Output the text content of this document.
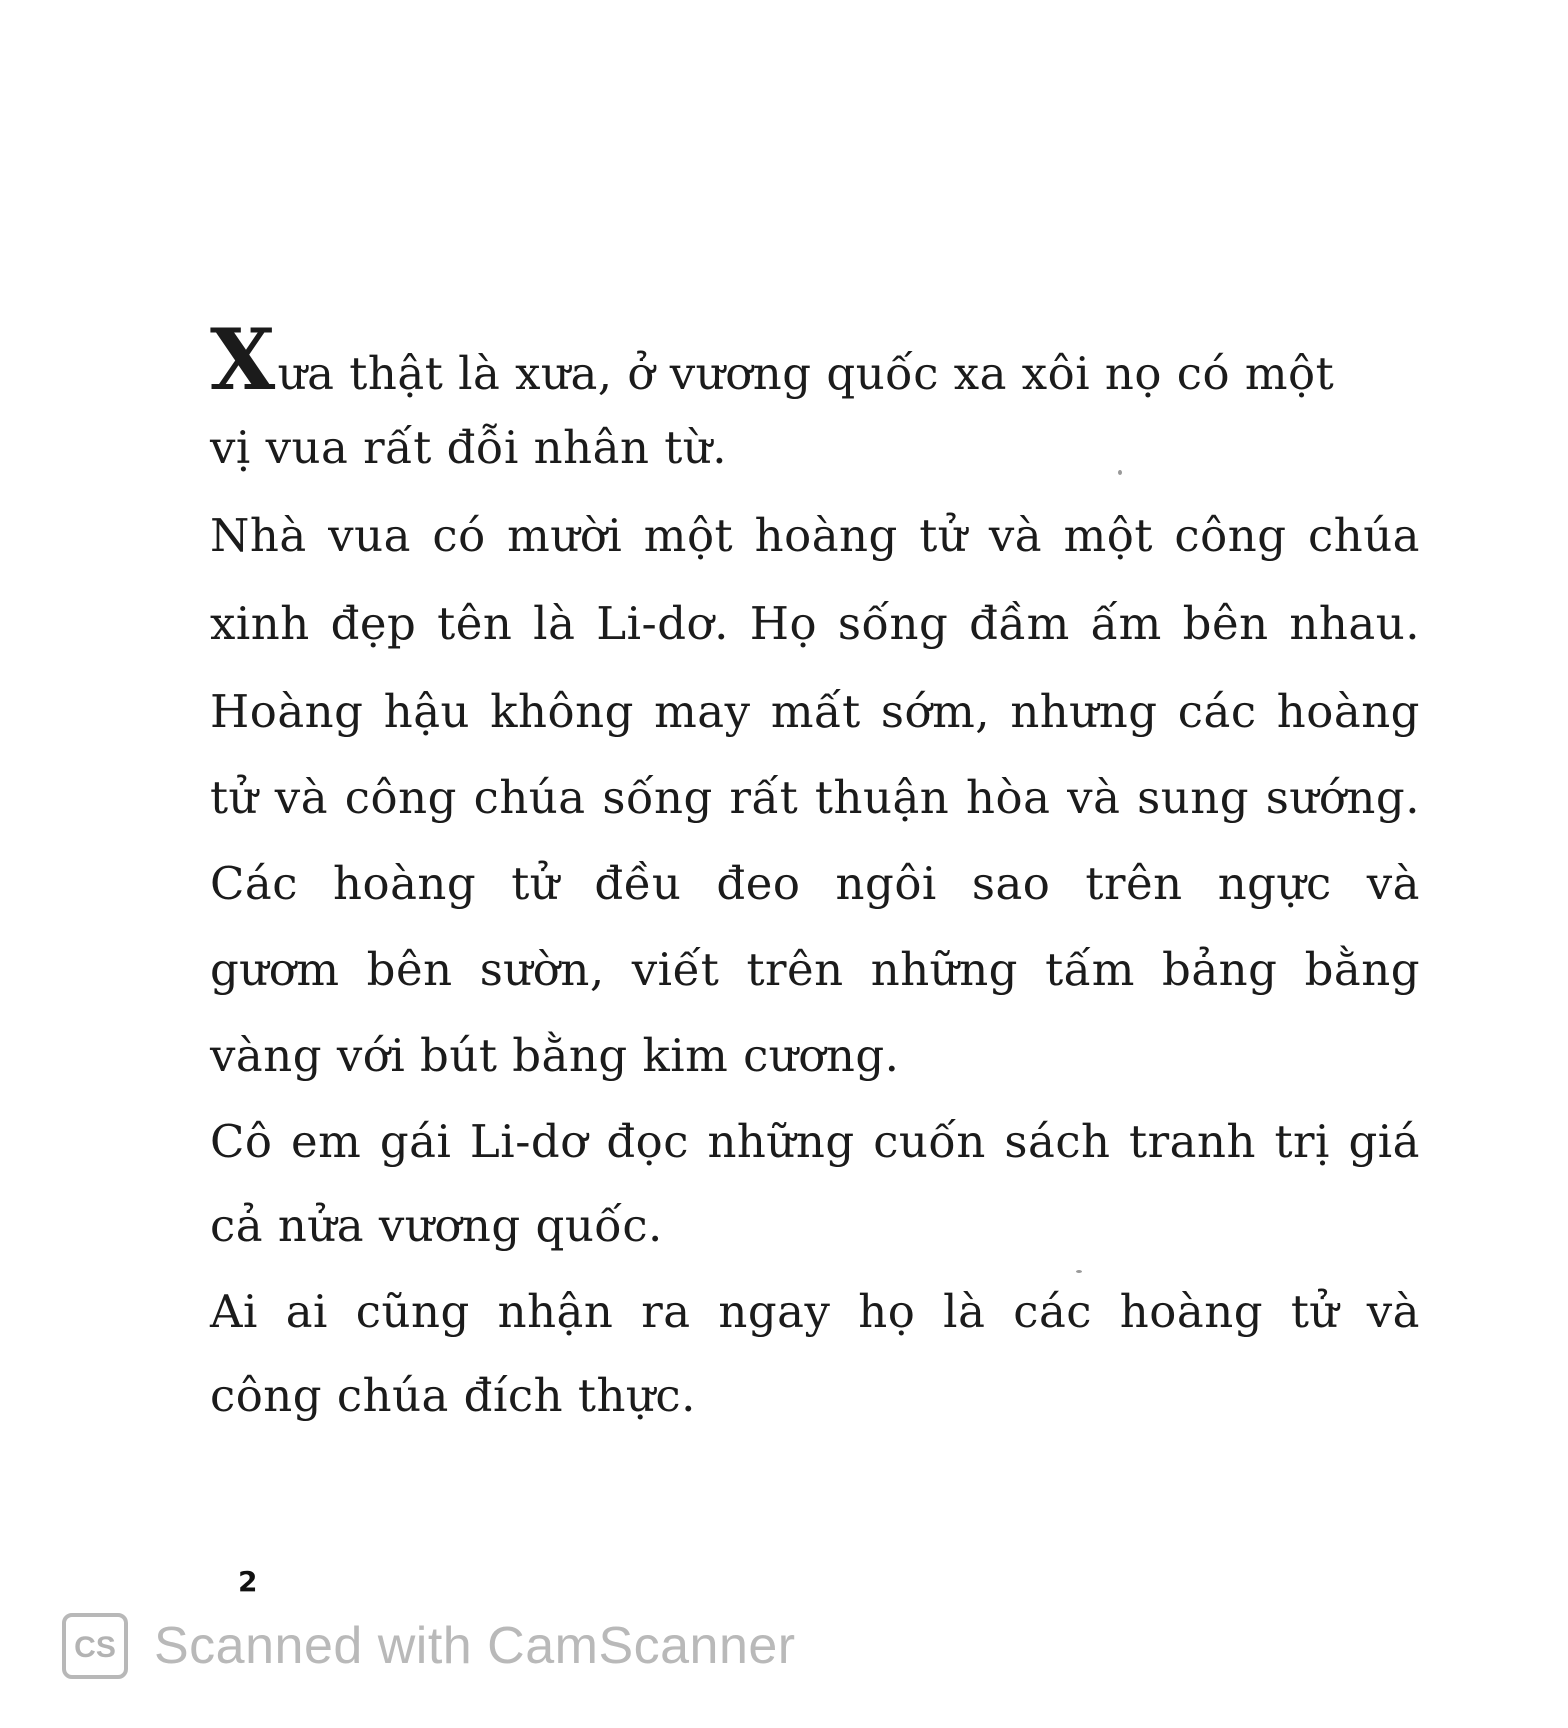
Xưa thật là xưa, ở vương quốc xa xôi nọ có một
vị vua rất đỗi nhân từ.
Nhà vua có mười một hoàng tử và một công chúa
xinh đẹp tên là Li-dơ. Họ sống đầm ấm bên nhau.
Hoàng hậu không may mất sớm, nhưng các hoàng
tử và công chúa sống rất thuận hòa và sung sướng.
Các hoàng tử đều đeo ngôi sao trên ngực và
gươm bên sườn, viết trên những tấm bảng bằng
vàng với bút bằng kim cương.
Cô em gái Li-dơ đọc những cuốn sách tranh trị giá
cả nửa vương quốc.
Ai ai cũng nhận ra ngay họ là các hoàng tử và
công chúa đích thực.
2
CS Scanned with CamScanner
